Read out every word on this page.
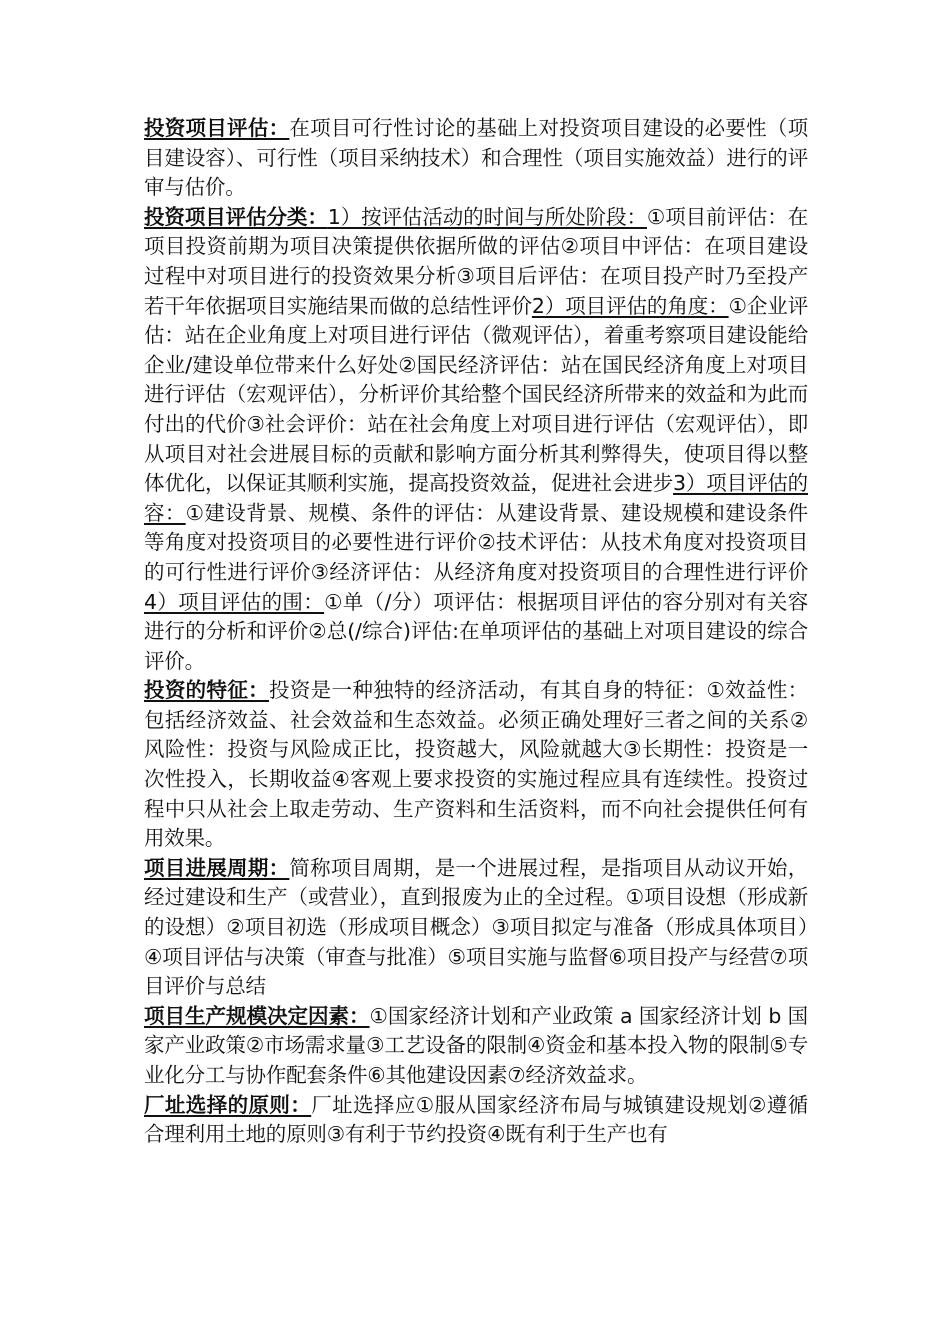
投资项目评估：在项目可行性讨论的基础上对投资项目建设的必要性（项目建设容）、可行性（项目采纳技术）和合理性（项目实施效益）进行的评审与估价。

投资项目评估分类：1）按评估活动的时间与所处阶段：①项目前评估：在项目投资前期为项目决策提供依据所做的评估②项目中评估：在项目建设过程中对项目进行的投资效果分析③项目后评估：在项目投产时乃至投产若干年依据项目实施结果而做的总结性评价2）项目评估的角度：①企业评估：站在企业角度上对项目进行评估（微观评估），着重考察项目建设能给企业/建设单位带来什么好处②国民经济评估：站在国民经济角度上对项目进行评估（宏观评估），分析评价其给整个国民经济所带来的效益和为此而付出的代价③社会评价：站在社会角度上对项目进行评估（宏观评估），即从项目对社会进展目标的贡献和影响方面分析其利弊得失，使项目得以整体优化，以保证其顺利实施，提高投资效益，促进社会进步3）项目评估的容：①建设背景、规模、条件的评估：从建设背景、建设规模和建设条件等角度对投资项目的必要性进行评价②技术评估：从技术角度对投资项目的可行性进行评价③经济评估：从经济角度对投资项目的合理性进行评价4）项目评估的围：①单（/分）项评估：根据项目评估的容分别对有关容进行的分析和评价②总(/综合)评估:在单项评估的基础上对项目建设的综合评价。

投资的特征：投资是一种独特的经济活动，有其自身的特征：①效益性：包括经济效益、社会效益和生态效益。必须正确处理好三者之间的关系②风险性：投资与风险成正比，投资越大，风险就越大③长期性：投资是一次性投入，长期收益④客观上要求投资的实施过程应具有连续性。投资过程中只从社会上取走劳动、生产资料和生活资料，而不向社会提供任何有用效果。

项目进展周期：简称项目周期，是一个进展过程，是指项目从动议开始，经过建设和生产（或营业），直到报废为止的全过程。①项目设想（形成新的设想）②项目初选（形成项目概念）③项目拟定与准备（形成具体项目）④项目评估与决策（审查与批准）⑤项目实施与监督⑥项目投产与经营⑦项目评价与总结

项目生产规模决定因素：①国家经济计划和产业政策 a 国家经济计划 b 国家产业政策②市场需求量③工艺设备的限制④资金和基本投入物的限制⑤专业化分工与协作配套条件⑥其他建设因素⑦经济效益求。

厂址选择的原则：厂址选择应①服从国家经济布局与城镇建设规划②遵循合理利用土地的原则③有利于节约投资④既有利于生产也有
